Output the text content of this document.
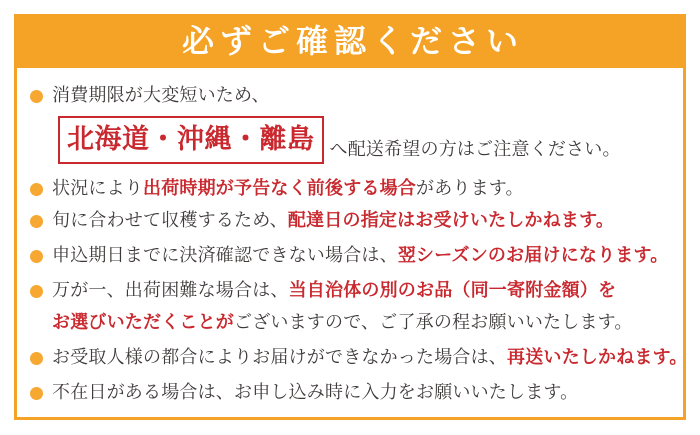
必ずご確認ください
消費期限が大変短いため、
北海道・沖縄・離島 へ配送希望の方はご注意ください。
状況により 出荷時期が予告なく前後する場合 があります。
旬に合わせて収穫するため、 配達日の指定はお受けいたしかねます。
申込期日までに決済確認できない場合は、 翌シーズンのお届けになります。
万が一、出荷困難な場合は、 当自治体の別のお品（同一寄附金額）を
お選びいただくことが ございますので、ご了承の程お願いいたします。
お受取人様の都合によりお届けができなかった場合は、 再送いたしかねます。
不在日がある場合は、お申し込み時に入力をお願いいたします。
